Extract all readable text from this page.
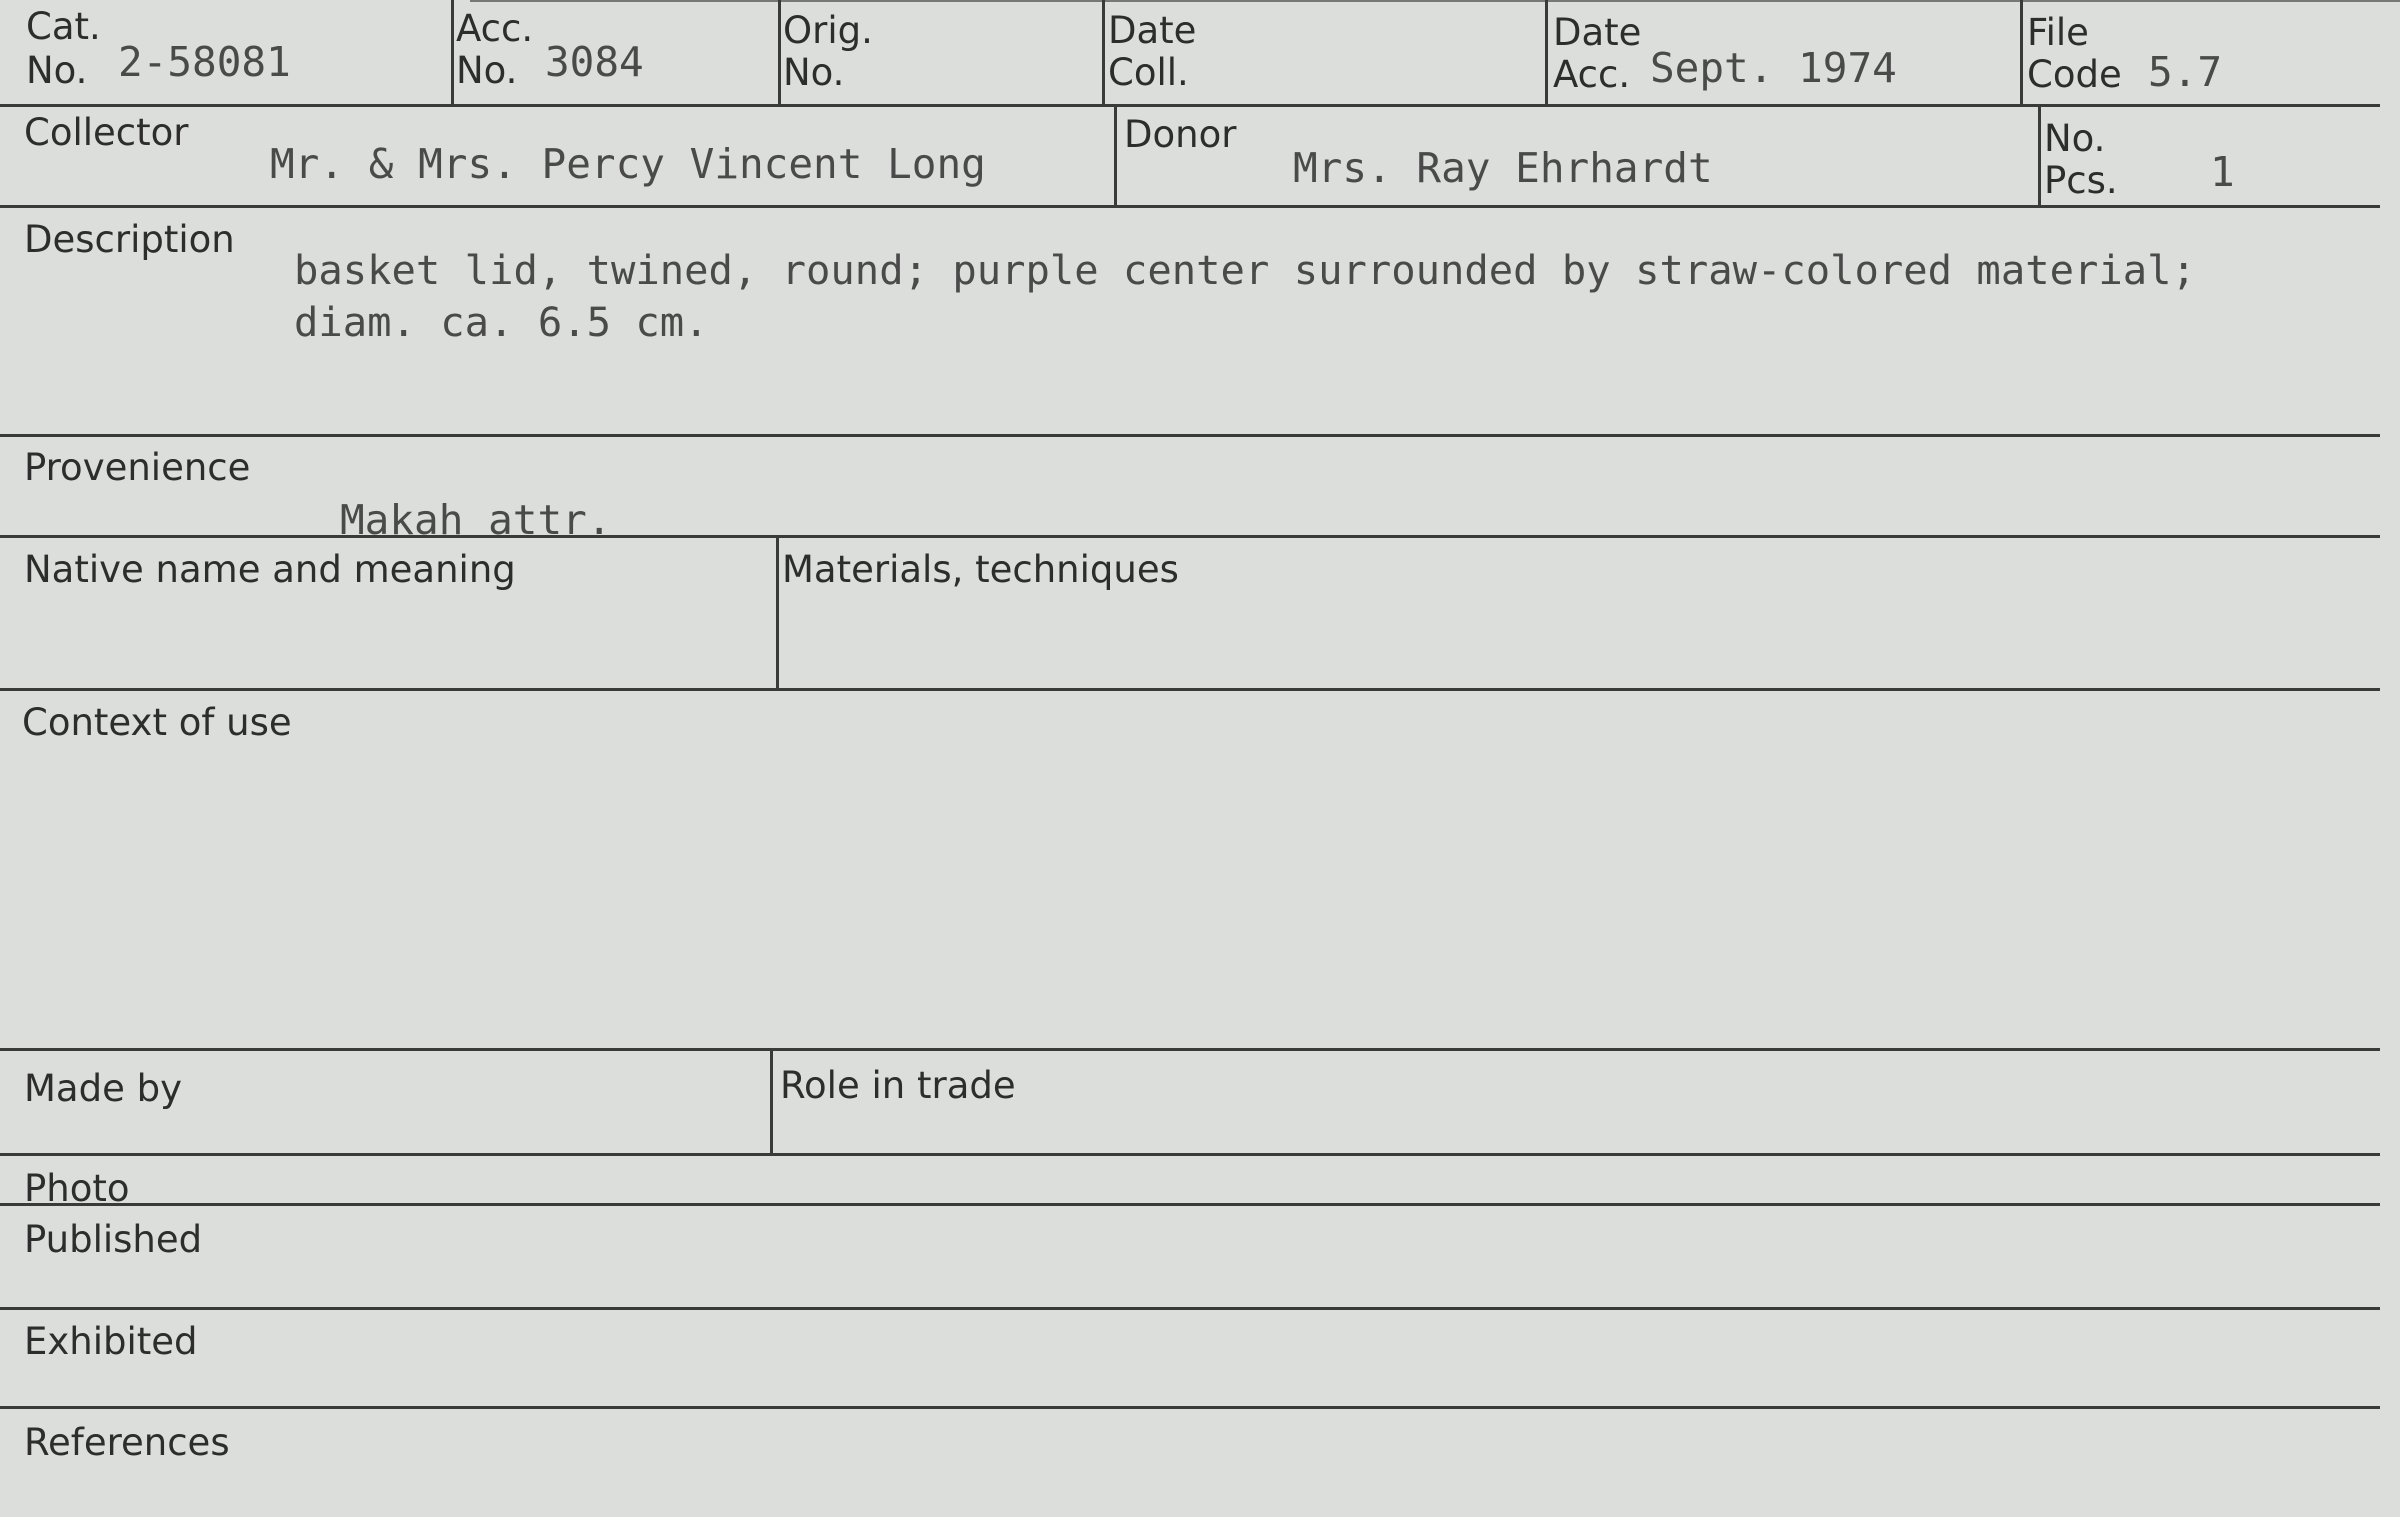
Cat.
No. 2-58081
Acc.
No. 3084
Orig.
No.
Date
Coll.
Date
Acc. Sept. 1974
File
Code 5.7
Collector
Mr. & Mrs. Percy Vincent Long
Donor
Mrs. Ray Ehrhardt
No.
Pcs. 1
Description
basket lid, twined, round; purple center surrounded by straw-colored material;
diam. ca. 6.5 cm.
Provenience
Makah attr.
Native name and meaning	Materials, techniques
Context of use
Made by	Role in trade
Photo
Published
Exhibited
References
